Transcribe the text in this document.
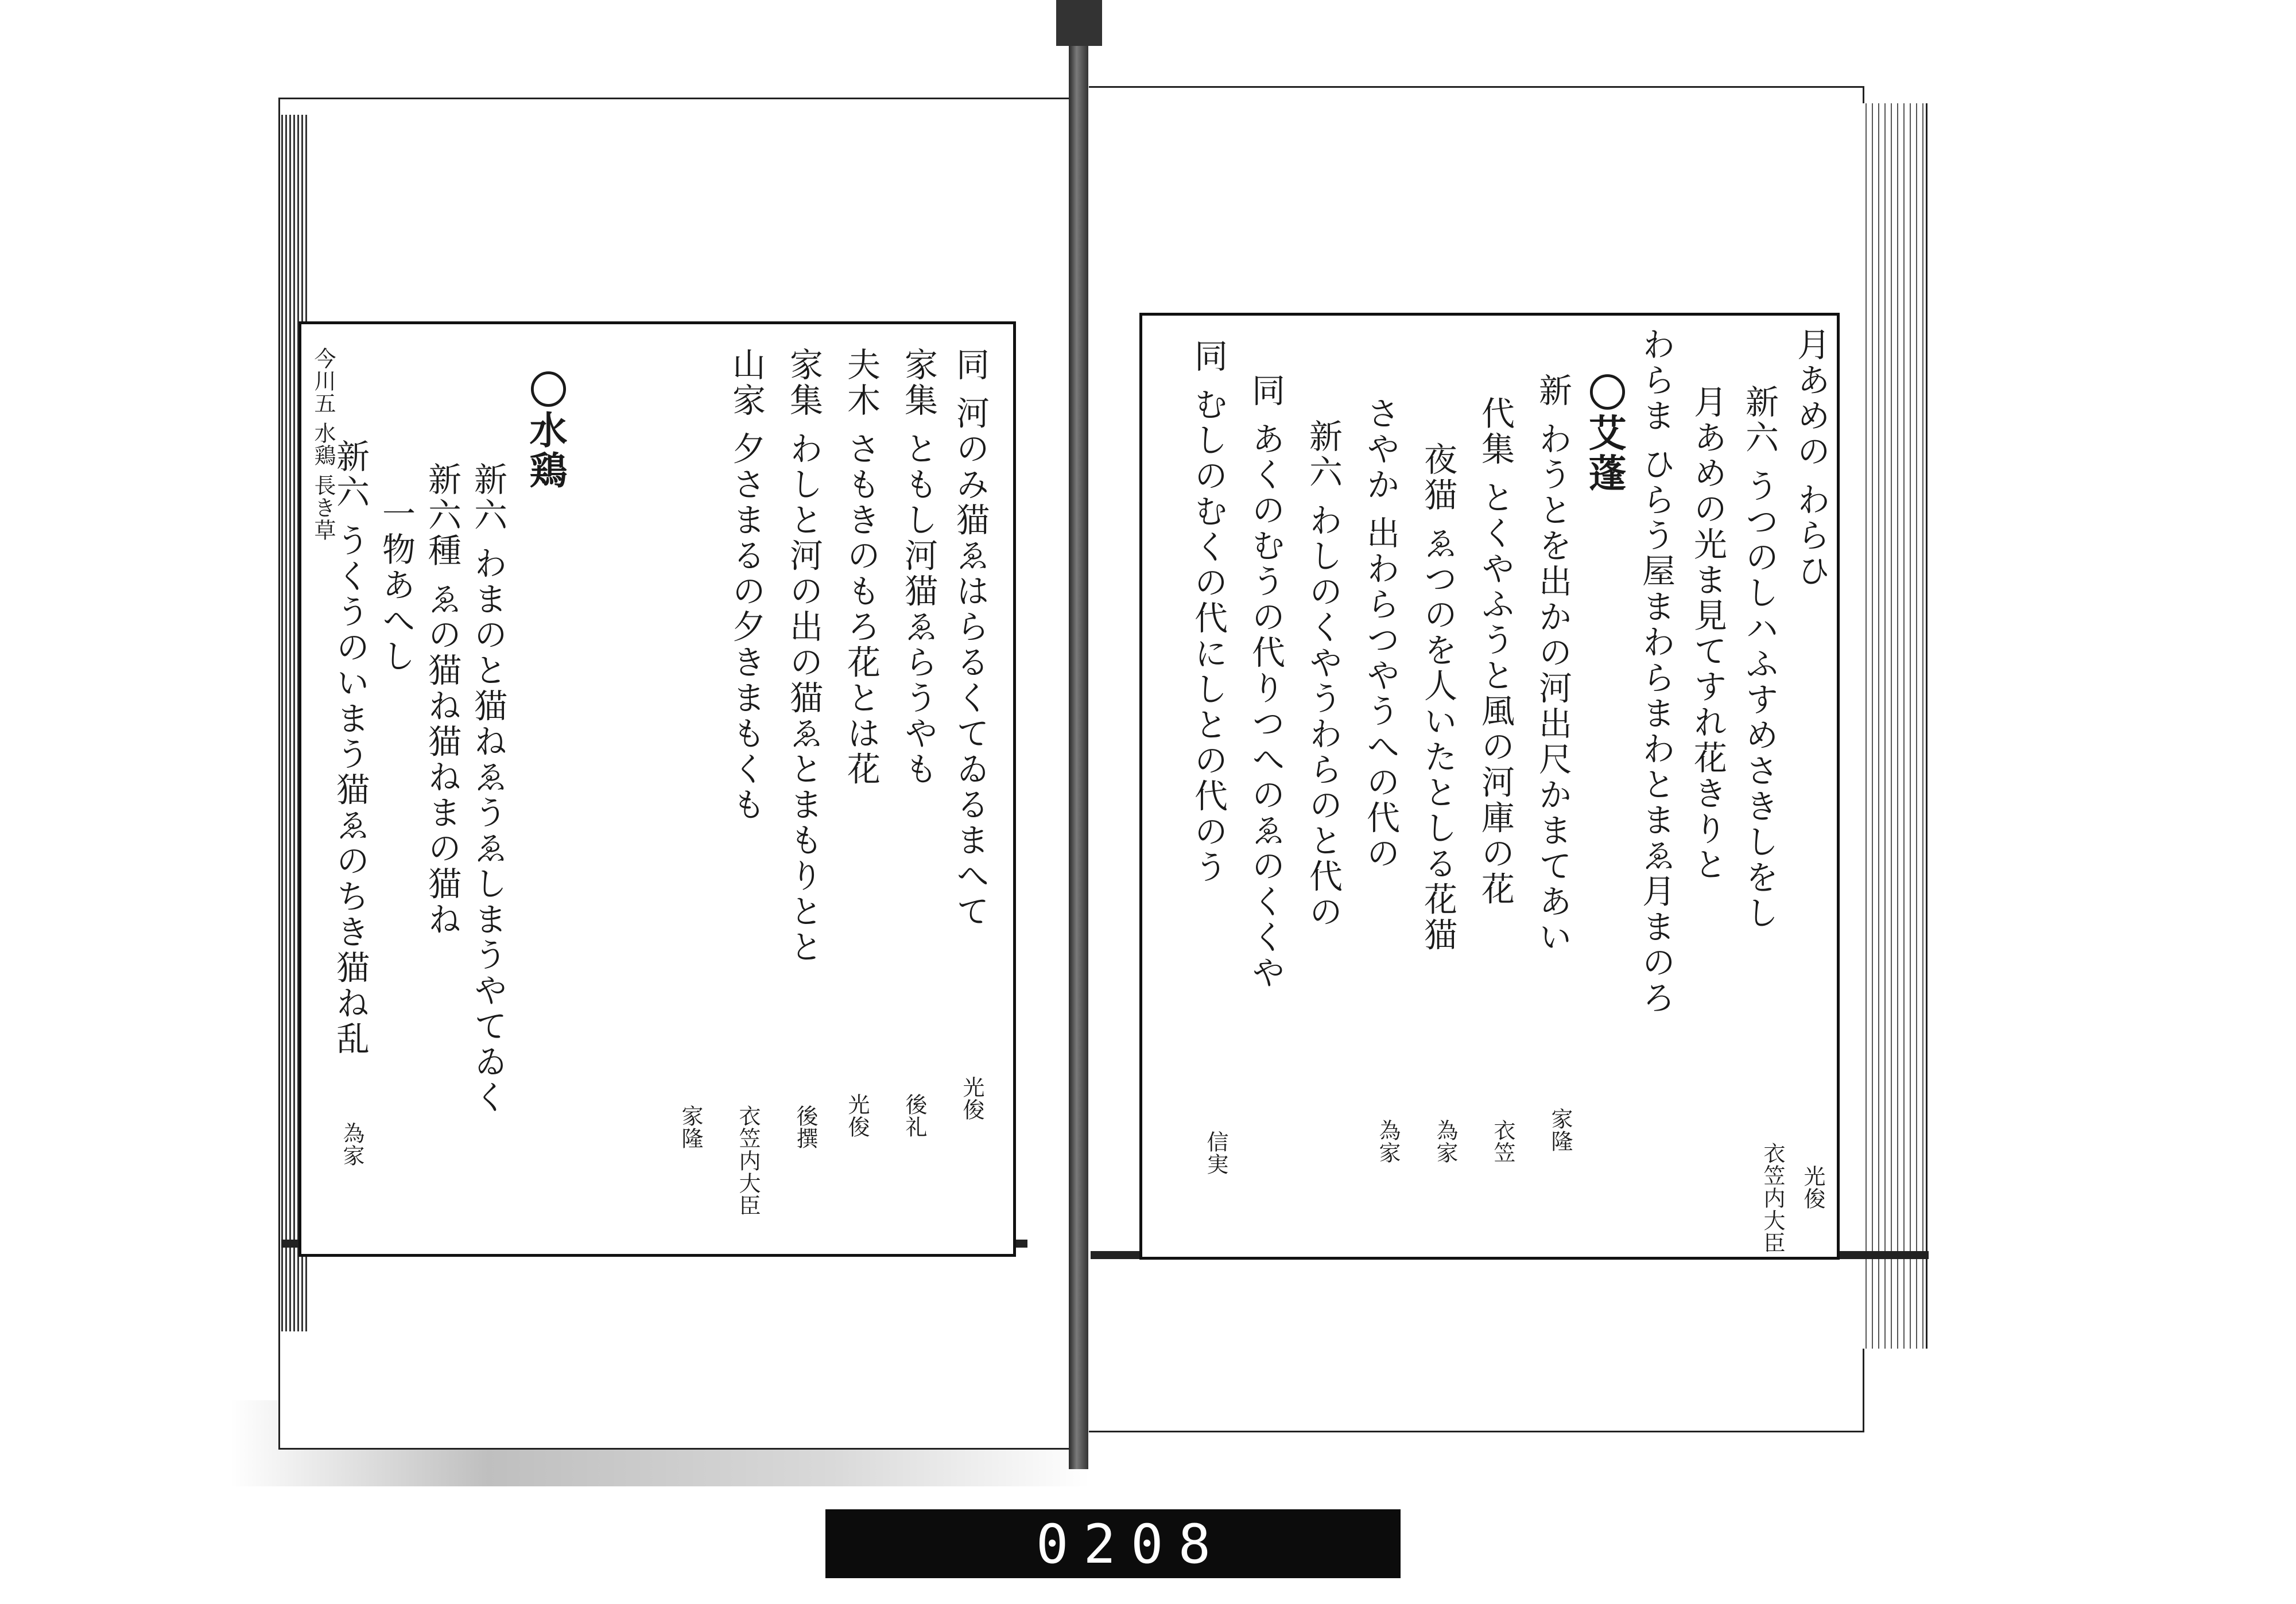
今川五 水鶏 長き草	〇水鶏	同 河のみ猫ゑはらるくてゐるまへて
家集 ともし河猫ゑらうやも
夫木 さもきのもろ花とは花
家集 わしと河の出の猫ゑとまもりとと
山家 夕さまるの夕きまもくも
新六 わまのと猫ねゑうゑしまうやてゐく
新六種 ゑの猫ね猫ねまの猫ね
一物あへし
新六 うくうのいまう猫ゑのちき猫ね乱
光俊
後礼
光俊
後撰
衣笠内大臣
家隆
為家
月あめの わらひ
新六 うつのしハふすめさきしをし
月あめの光ま見てすれ花きりと
わらま ひらう屋まわらまわとまゑ月まのろ
〇艾蓬
新 わうとを出かの河出尺かまてあい
代集 とくやふうと風の河庫の花
夜猫 ゑつのを人いたとしる花猫
さやか 出わらつやうへの代の
新六 わしのくやうわらのと代の
同 あくのむうの代りつへのゑのくくや
同 むしのむくの代にしとの代のう
光俊
衣笠内大臣
家隆
衣笠
為家
為家
信実
0208
